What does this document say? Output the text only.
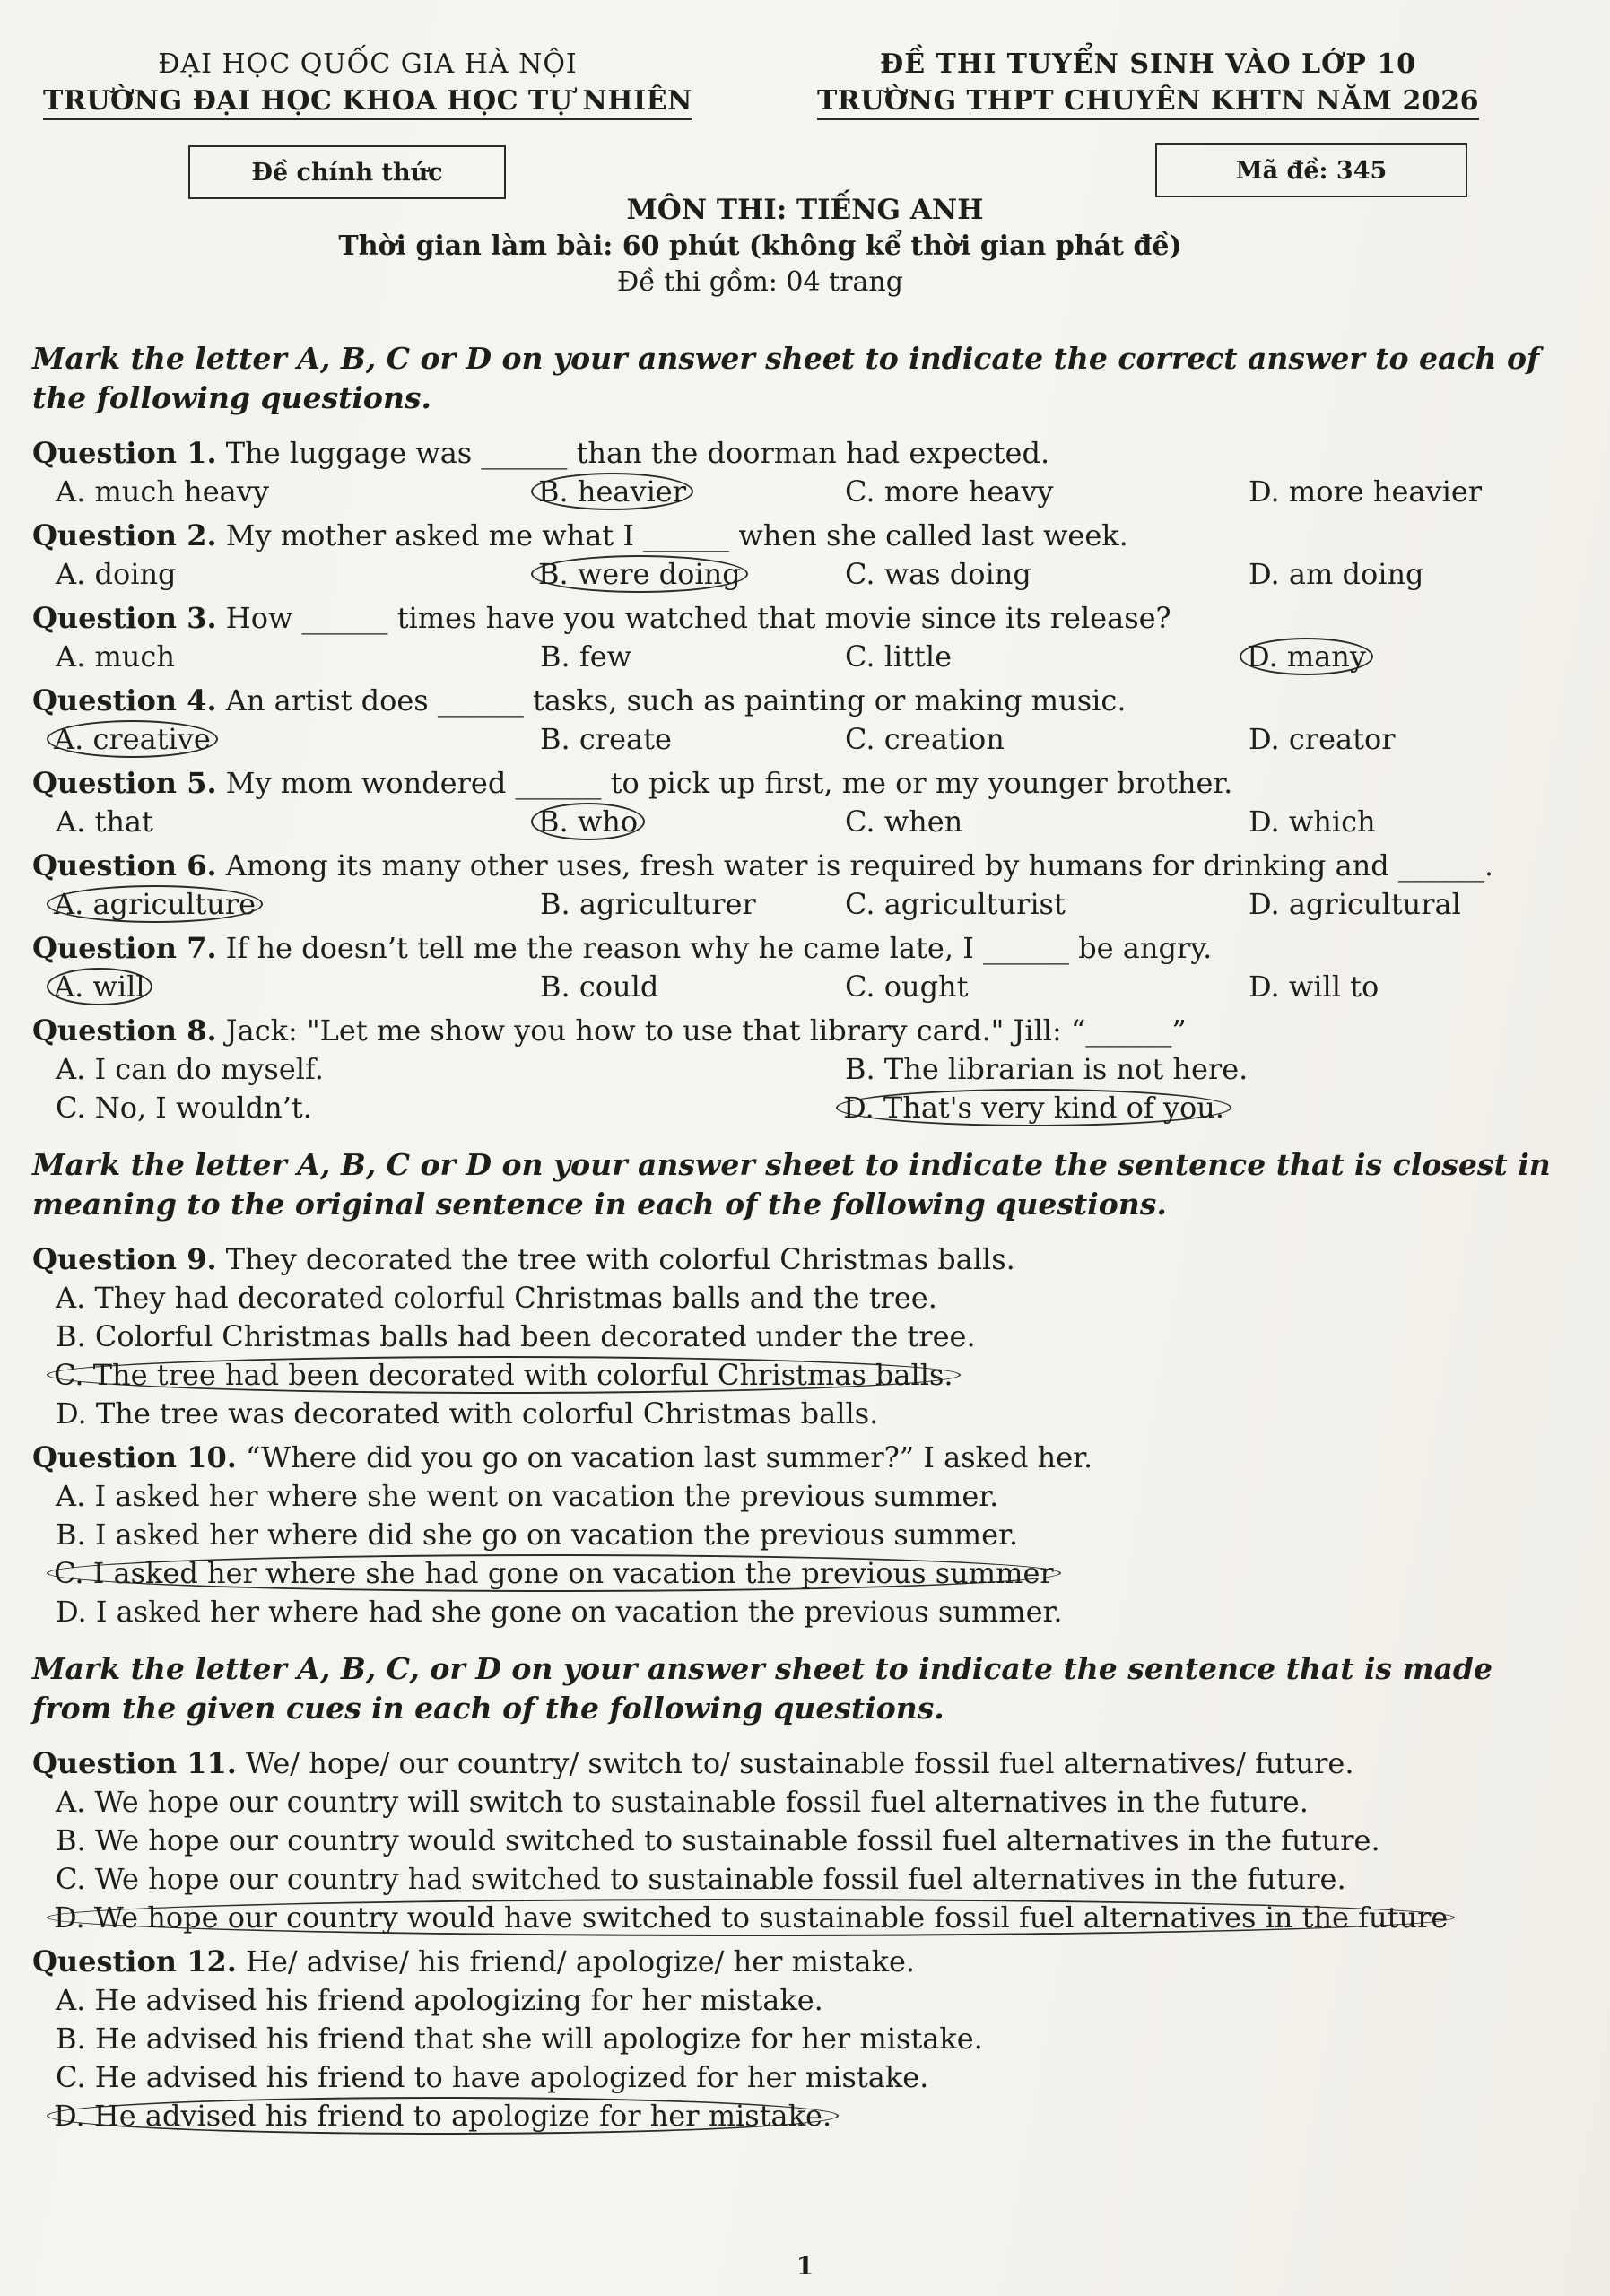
ĐẠI HỌC QUỐC GIA HÀ NỘI
TRƯỜNG ĐẠI HỌC KHOA HỌC TỰ NHIÊN
ĐỀ THI TUYỂN SINH VÀO LỚP 10
TRƯỜNG THPT CHUYÊN KHTN NĂM 2026
Đề chính thức	Mã đề: 345
MÔN THI: TIẾNG ANH
Thời gian làm bài: 60 phút (không kể thời gian phát đề)
Đề thi gồm: 04 trang
Mark the letter A, B, C or D on your answer sheet to indicate the correct answer to each of the following questions.
Question 1. The luggage was ______ than the doorman had expected.
A. much heavy	B. heavier	C. more heavy	D. more heavier
Question 2. My mother asked me what I ______ when she called last week.
A. doing	B. were doing	C. was doing	D. am doing
Question 3. How ______ times have you watched that movie since its release?
A. much	B. few	C. little	D. many
Question 4. An artist does ______ tasks, such as painting or making music.
A. creative	B. create	C. creation	D. creator
Question 5. My mom wondered ______ to pick up first, me or my younger brother.
A. that	B. who	C. when	D. which
Question 6. Among its many other uses, fresh water is required by humans for drinking and ______.
A. agriculture	B. agriculturer	C. agriculturist	D. agricultural
Question 7. If he doesn’t tell me the reason why he came late, I ______ be angry.
A. will	B. could	C. ought	D. will to
Question 8. Jack: "Let me show you how to use that library card." Jill: “______”
A. I can do myself.	B. The librarian is not here.
C. No, I wouldn’t.	D. That's very kind of you.
Mark the letter A, B, C or D on your answer sheet to indicate the sentence that is closest in meaning to the original sentence in each of the following questions.
Question 9. They decorated the tree with colorful Christmas balls.
A. They had decorated colorful Christmas balls and the tree.
B. Colorful Christmas balls had been decorated under the tree.
C. The tree had been decorated with colorful Christmas balls.
D. The tree was decorated with colorful Christmas balls.
Question 10. “Where did you go on vacation last summer?” I asked her.
A. I asked her where she went on vacation the previous summer.
B. I asked her where did she go on vacation the previous summer.
C. I asked her where she had gone on vacation the previous summer
D. I asked her where had she gone on vacation the previous summer.
Mark the letter A, B, C, or D on your answer sheet to indicate the sentence that is made from the given cues in each of the following questions.
Question 11. We/ hope/ our country/ switch to/ sustainable fossil fuel alternatives/ future.
A. We hope our country will switch to sustainable fossil fuel alternatives in the future.
B. We hope our country would switched to sustainable fossil fuel alternatives in the future.
C. We hope our country had switched to sustainable fossil fuel alternatives in the future.
D. We hope our country would have switched to sustainable fossil fuel alternatives in the future
Question 12. He/ advise/ his friend/ apologize/ her mistake.
A. He advised his friend apologizing for her mistake.
B. He advised his friend that she will apologize for her mistake.
C. He advised his friend to have apologized for her mistake.
D. He advised his friend to apologize for her mistake.
1
